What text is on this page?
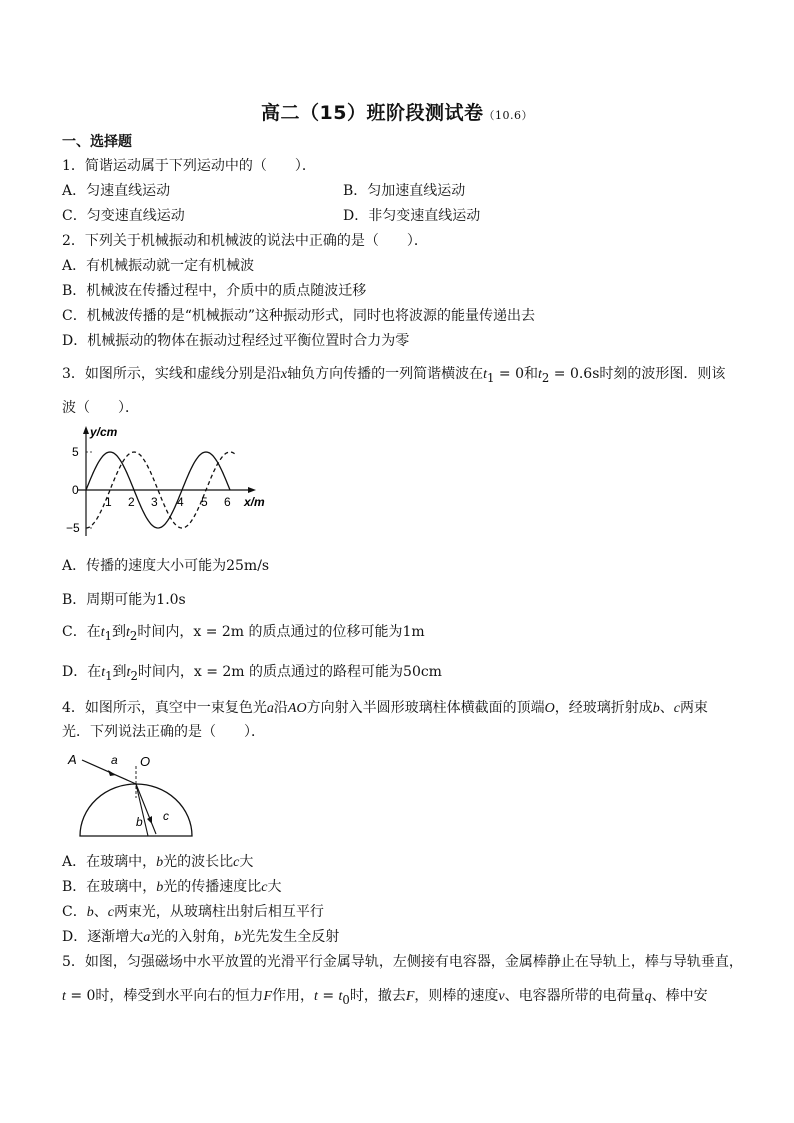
高二（15）班阶段测试卷（10.6）
一、选择题
1．简谐运动属于下列运动中的（　　）．
A．匀速直线运动	B．匀加速直线运动
C．匀变速直线运动	D．非匀变速直线运动
2．下列关于机械振动和机械波的说法中正确的是（　　）．
A．有机械振动就一定有机械波
B．机械波在传播过程中，介质中的质点随波迁移
C．机械波传播的是“机械振动”这种振动形式，同时也将波源的能量传递出去
D．机械振动的物体在振动过程经过平衡位置时合力为零
3．如图所示，实线和虚线分别是沿x轴负方向传播的一列简谐横波在$t_1 = 0$和$t_2 = 0.6s$时刻的波形图．则该
波（　　）．
y/cm
x/m
5
0
−5
1 2 3 4 5 6
A．传播的速度大小可能为25m/s
B．周期可能为1.0s
C．在$t_1$到$t_2$时间内，x = 2m 的质点通过的位移可能为1m
D．在$t_1$到$t_2$时间内，x = 2m 的质点通过的路程可能为50cm
4．如图所示，真空中一束复色光a沿AO方向射入半圆形玻璃柱体横截面的顶端O，经玻璃折射成b、c两束
光．下列说法正确的是（　　）．
A	a O
b c
A．在玻璃中，b光的波长比c大
B．在玻璃中，b光的传播速度比c大
C．b、c两束光，从玻璃柱出射后相互平行
D．逐渐增大a光的入射角，b光先发生全反射
5．如图，匀强磁场中水平放置的光滑平行金属导轨，左侧接有电容器，金属棒静止在导轨上，棒与导轨垂直，
t = 0时，棒受到水平向右的恒力F作用，$t = t_0$时，撤去F，则棒的速度v、电容器所带的电荷量q、棒中安
